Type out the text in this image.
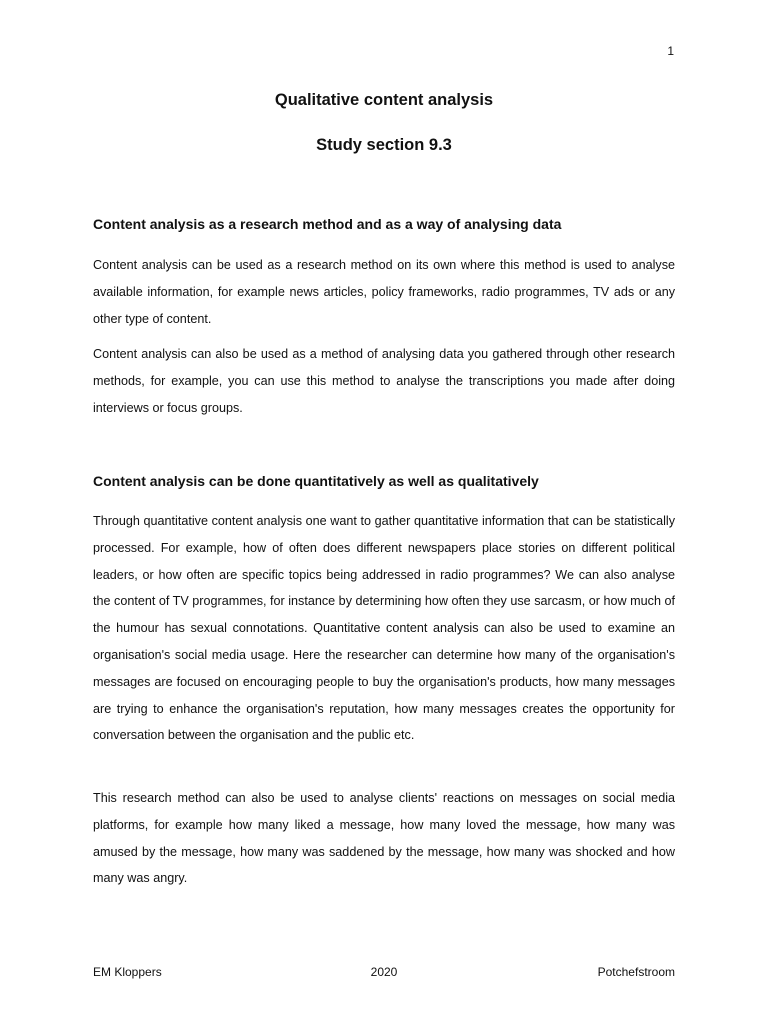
1
Qualitative content analysis
Study section 9.3
Content analysis as a research method and as a way of analysing data

Content analysis can be used as a research method on its own where this method is used to analyse available information, for example news articles, policy frameworks, radio programmes, TV ads or any other type of content.

Content analysis can also be used as a method of analysing data you gathered through other research methods, for example, you can use this method to analyse the transcriptions you made after doing interviews or focus groups.

Content analysis can be done quantitatively as well as qualitatively

Through quantitative content analysis one want to gather quantitative information that can be statistically processed. For example, how of often does different newspapers place stories on different political leaders, or how often are specific topics being addressed in radio programmes? We can also analyse the content of TV programmes, for instance by determining how often they use sarcasm, or how much of the humour has sexual connotations. Quantitative content analysis can also be used to examine an organisation's social media usage. Here the researcher can determine how many of the organisation's messages are focused on encouraging people to buy the organisation's products, how many messages are trying to enhance the organisation's reputation, how many messages creates the opportunity for conversation between the organisation and the public etc.

This research method can also be used to analyse clients' reactions on messages on social media platforms, for example how many liked a message, how many loved the message, how many was amused by the message, how many was saddened by the message, how many was shocked and how many was angry.

EM Kloppers	2020	Potchefstroom
